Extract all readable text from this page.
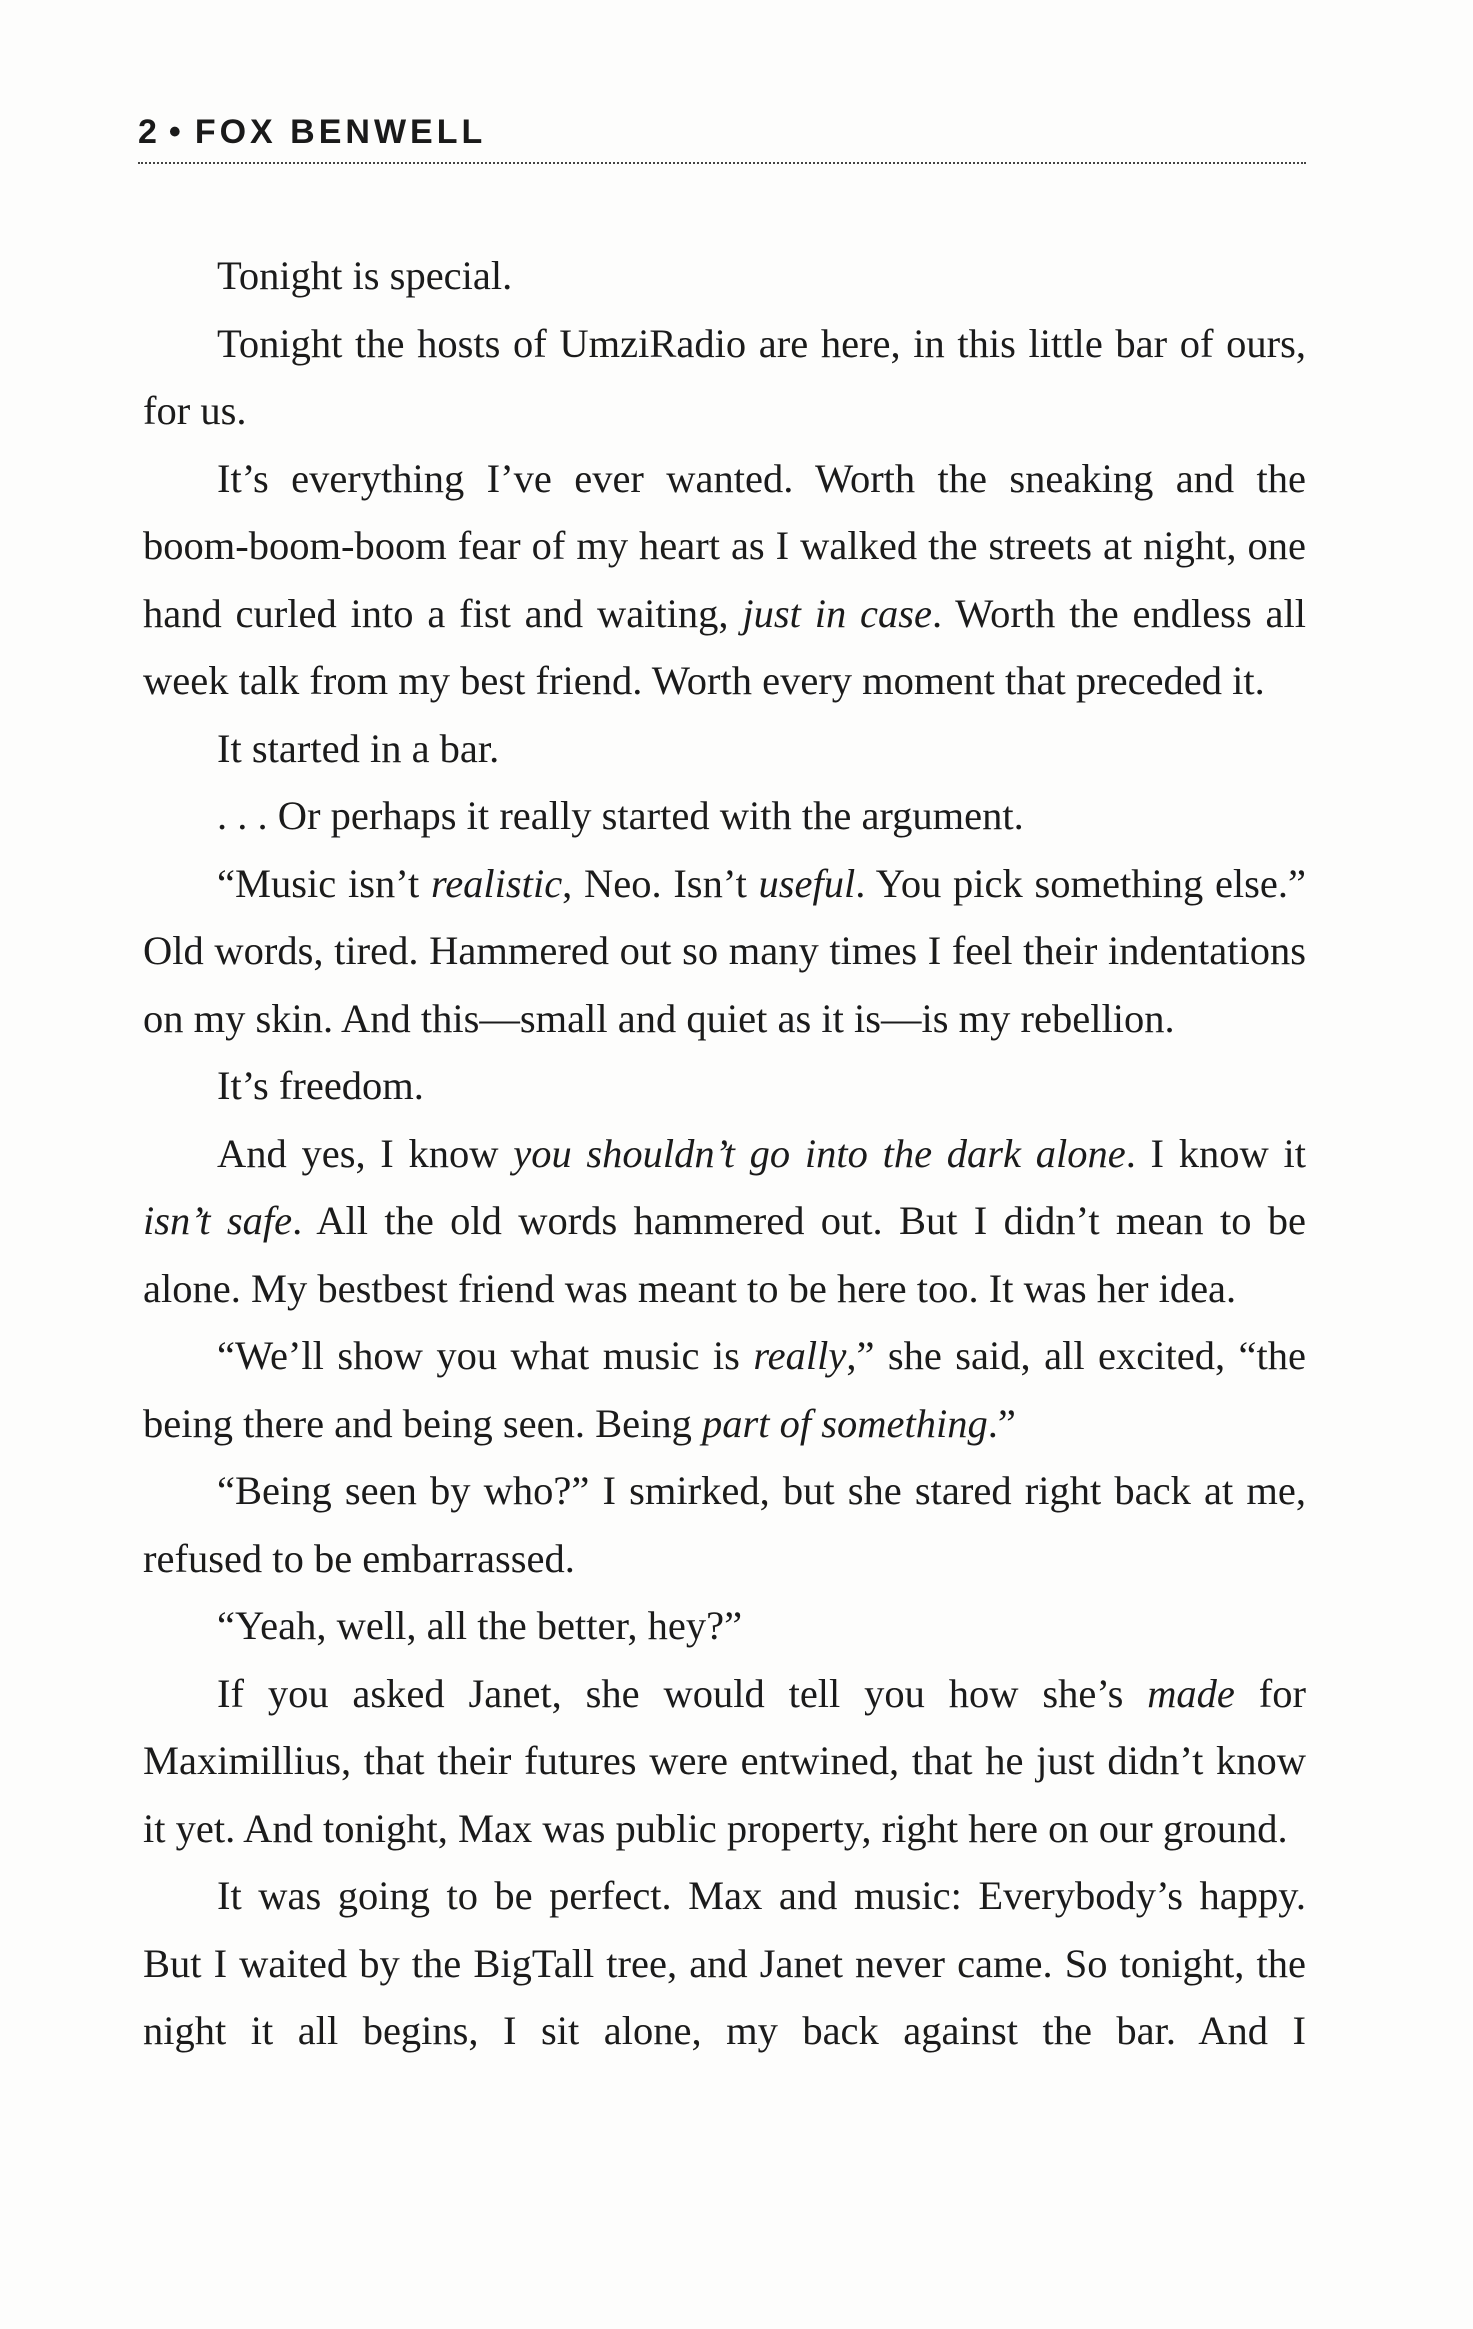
2 • FOX BENWELL

Tonight is special.

Tonight the hosts of UmziRadio are here, in this little bar of ours, for us.

It’s everything I’ve ever wanted. Worth the sneaking and the boom-boom-boom fear of my heart as I walked the streets at night, one hand curled into a fist and waiting, just in case. Worth the endless all week talk from my best friend. Worth every moment that preceded it.

It started in a bar.

. . . Or perhaps it really started with the argument.

“Music isn’t realistic, Neo. Isn’t useful. You pick something else.” Old words, tired. Hammered out so many times I feel their indentations on my skin. And this—small and quiet as it is—is my rebellion.

It’s freedom.

And yes, I know you shouldn’t go into the dark alone. I know it isn’t safe. All the old words hammered out. But I didn’t mean to be alone. My bestbest friend was meant to be here too. It was her idea.

“We’ll show you what music is really,” she said, all excited, “the being there and being seen. Being part of something.”

“Being seen by who?” I smirked, but she stared right back at me, refused to be embarrassed.

“Yeah, well, all the better, hey?”

If you asked Janet, she would tell you how she’s made for Maximillius, that their futures were entwined, that he just didn’t know it yet. And tonight, Max was public property, right here on our ground.

It was going to be perfect. Max and music: Everybody’s happy. But I waited by the BigTall tree, and Janet never came. So tonight, the night it all begins, I sit alone, my back against the bar. And I
